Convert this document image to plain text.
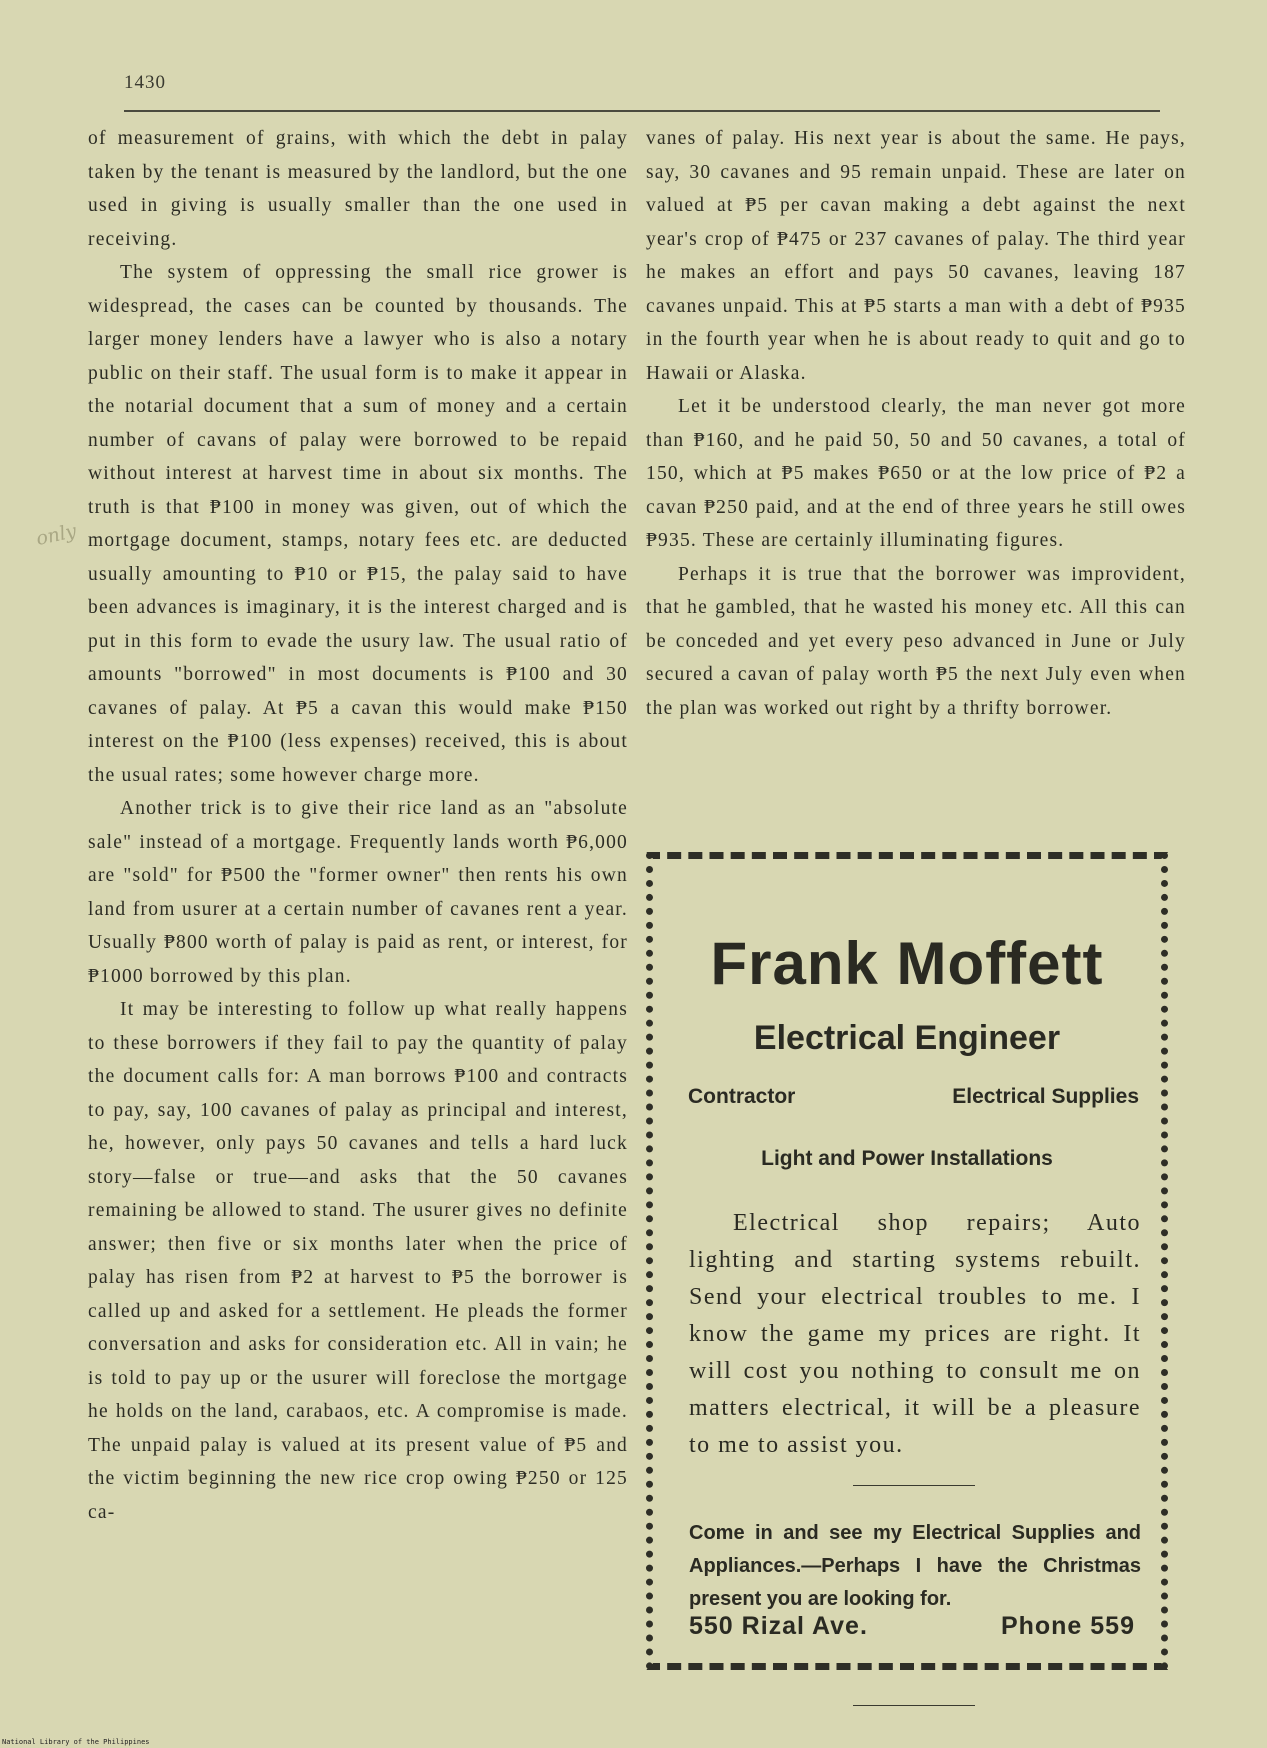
1430
only

of measurement of grains, with which the debt in palay taken by the tenant is measured by the landlord, but the one used in giving is usually smaller than the one used in receiving.

The system of oppressing the small rice grower is widespread, the cases can be counted by thousands. The larger money lenders have a lawyer who is also a notary public on their staff. The usual form is to make it appear in the notarial document that a sum of money and a certain number of cavans of palay were borrowed to be repaid without interest at harvest time in about six months. The truth is that ₱100 in money was given, out of which the mortgage document, stamps, notary fees etc. are deducted usually amounting to ₱10 or ₱15, the palay said to have been advances is imaginary, it is the interest charged and is put in this form to evade the usury law. The usual ratio of amounts "borrowed" in most documents is ₱100 and 30 cavanes of palay. At ₱5 a cavan this would make ₱150 interest on the ₱100 (less expenses) received, this is about the usual rates; some however charge more.

Another trick is to give their rice land as an "absolute sale" instead of a mortgage. Frequently lands worth ₱6,000 are "sold" for ₱500 the "former owner" then rents his own land from usurer at a certain number of cavanes rent a year. Usually ₱800 worth of palay is paid as rent, or interest, for ₱1000 borrowed by this plan.

It may be interesting to follow up what really happens to these borrowers if they fail to pay the quantity of palay the document calls for: A man borrows ₱100 and contracts to pay, say, 100 cavanes of palay as principal and interest, he, however, only pays 50 cavanes and tells a hard luck story—false or true—and asks that the 50 cavanes remaining be allowed to stand. The usurer gives no definite answer; then five or six months later when the price of palay has risen from ₱2 at harvest to ₱5 the borrower is called up and asked for a settlement. He pleads the former conversation and asks for consideration etc. All in vain; he is told to pay up or the usurer will foreclose the mortgage he holds on the land, carabaos, etc. A compromise is made. The unpaid palay is valued at its present value of ₱5 and the victim beginning the new rice crop owing ₱250 or 125 ca-

vanes of palay. His next year is about the same. He pays, say, 30 cavanes and 95 remain unpaid. These are later on valued at ₱5 per cavan making a debt against the next year's crop of ₱475 or 237 cavanes of palay. The third year he makes an effort and pays 50 cavanes, leaving 187 cavanes unpaid. This at ₱5 starts a man with a debt of ₱935 in the fourth year when he is about ready to quit and go to Hawaii or Alaska.

Let it be understood clearly, the man never got more than ₱160, and he paid 50, 50 and 50 cavanes, a total of 150, which at ₱5 makes ₱650 or at the low price of ₱2 a cavan ₱250 paid, and at the end of three years he still owes ₱935. These are certainly illuminating figures.

Perhaps it is true that the borrower was improvident, that he gambled, that he wasted his money etc. All this can be conceded and yet every peso advanced in June or July secured a cavan of palay worth ₱5 the next July even when the plan was worked out right by a thrifty borrower.

Frank Moffett
Electrical Engineer
Contractor	Electrical Supplies
Light and Power Installations
Electrical shop repairs; Auto lighting and starting systems rebuilt. Send your electrical troubles to me. I know the game my prices are right. It will cost you nothing to consult me on matters electrical, it will be a pleasure to me to assist you.
Come in and see my Electrical Supplies and Appliances.—Perhaps I have the Christmas present you are looking for.
550 Rizal Ave.	Phone 559
National Library of the Philippines
